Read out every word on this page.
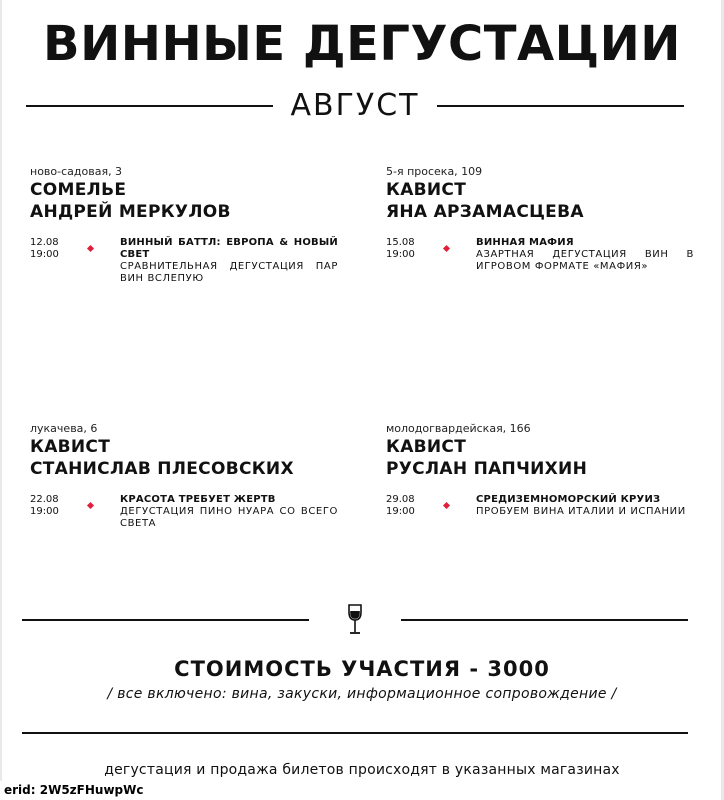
ВИННЫЕ ДЕГУСТАЦИИ
АВГУСТ
ново-садовая, 3
СОМЕЛЬЕ
АНДРЕЙ МЕРКУЛОВ
12.08
19:00
ВИННЫЙ БАТТЛ: ЕВРОПА & НОВЫЙ СВЕТ
СРАВНИТЕЛЬНАЯ ДЕГУСТАЦИЯ ПАР ВИН ВСЛЕПУЮ
5-я просека, 109
КАВИСТ
ЯНА АРЗАМАСЦЕВА
15.08
19:00
ВИННАЯ МАФИЯ
АЗАРТНАЯ ДЕГУСТАЦИЯ ВИН В ИГРОВОМ ФОРМАТЕ «МАФИЯ»
лукачева, 6
КАВИСТ
СТАНИСЛАВ ПЛЕСОВСКИХ
22.08
19:00
КРАСОТА ТРЕБУЕТ ЖЕРТВ
ДЕГУСТАЦИЯ ПИНО НУАРА СО ВСЕГО СВЕТА
молодогвардейская, 166
КАВИСТ
РУСЛАН ПАПЧИХИН
29.08
19:00
СРЕДИЗЕМНОМОРСКИЙ КРУИЗ
ПРОБУЕМ ВИНА ИТАЛИИ И ИСПАНИИ
СТОИМОСТЬ УЧАСТИЯ - 3000
/ все включено: вина, закуски, информационное сопровождение /
дегустация и продажа билетов происходят в указанных магазинах
erid: 2W5zFHuwpWc
